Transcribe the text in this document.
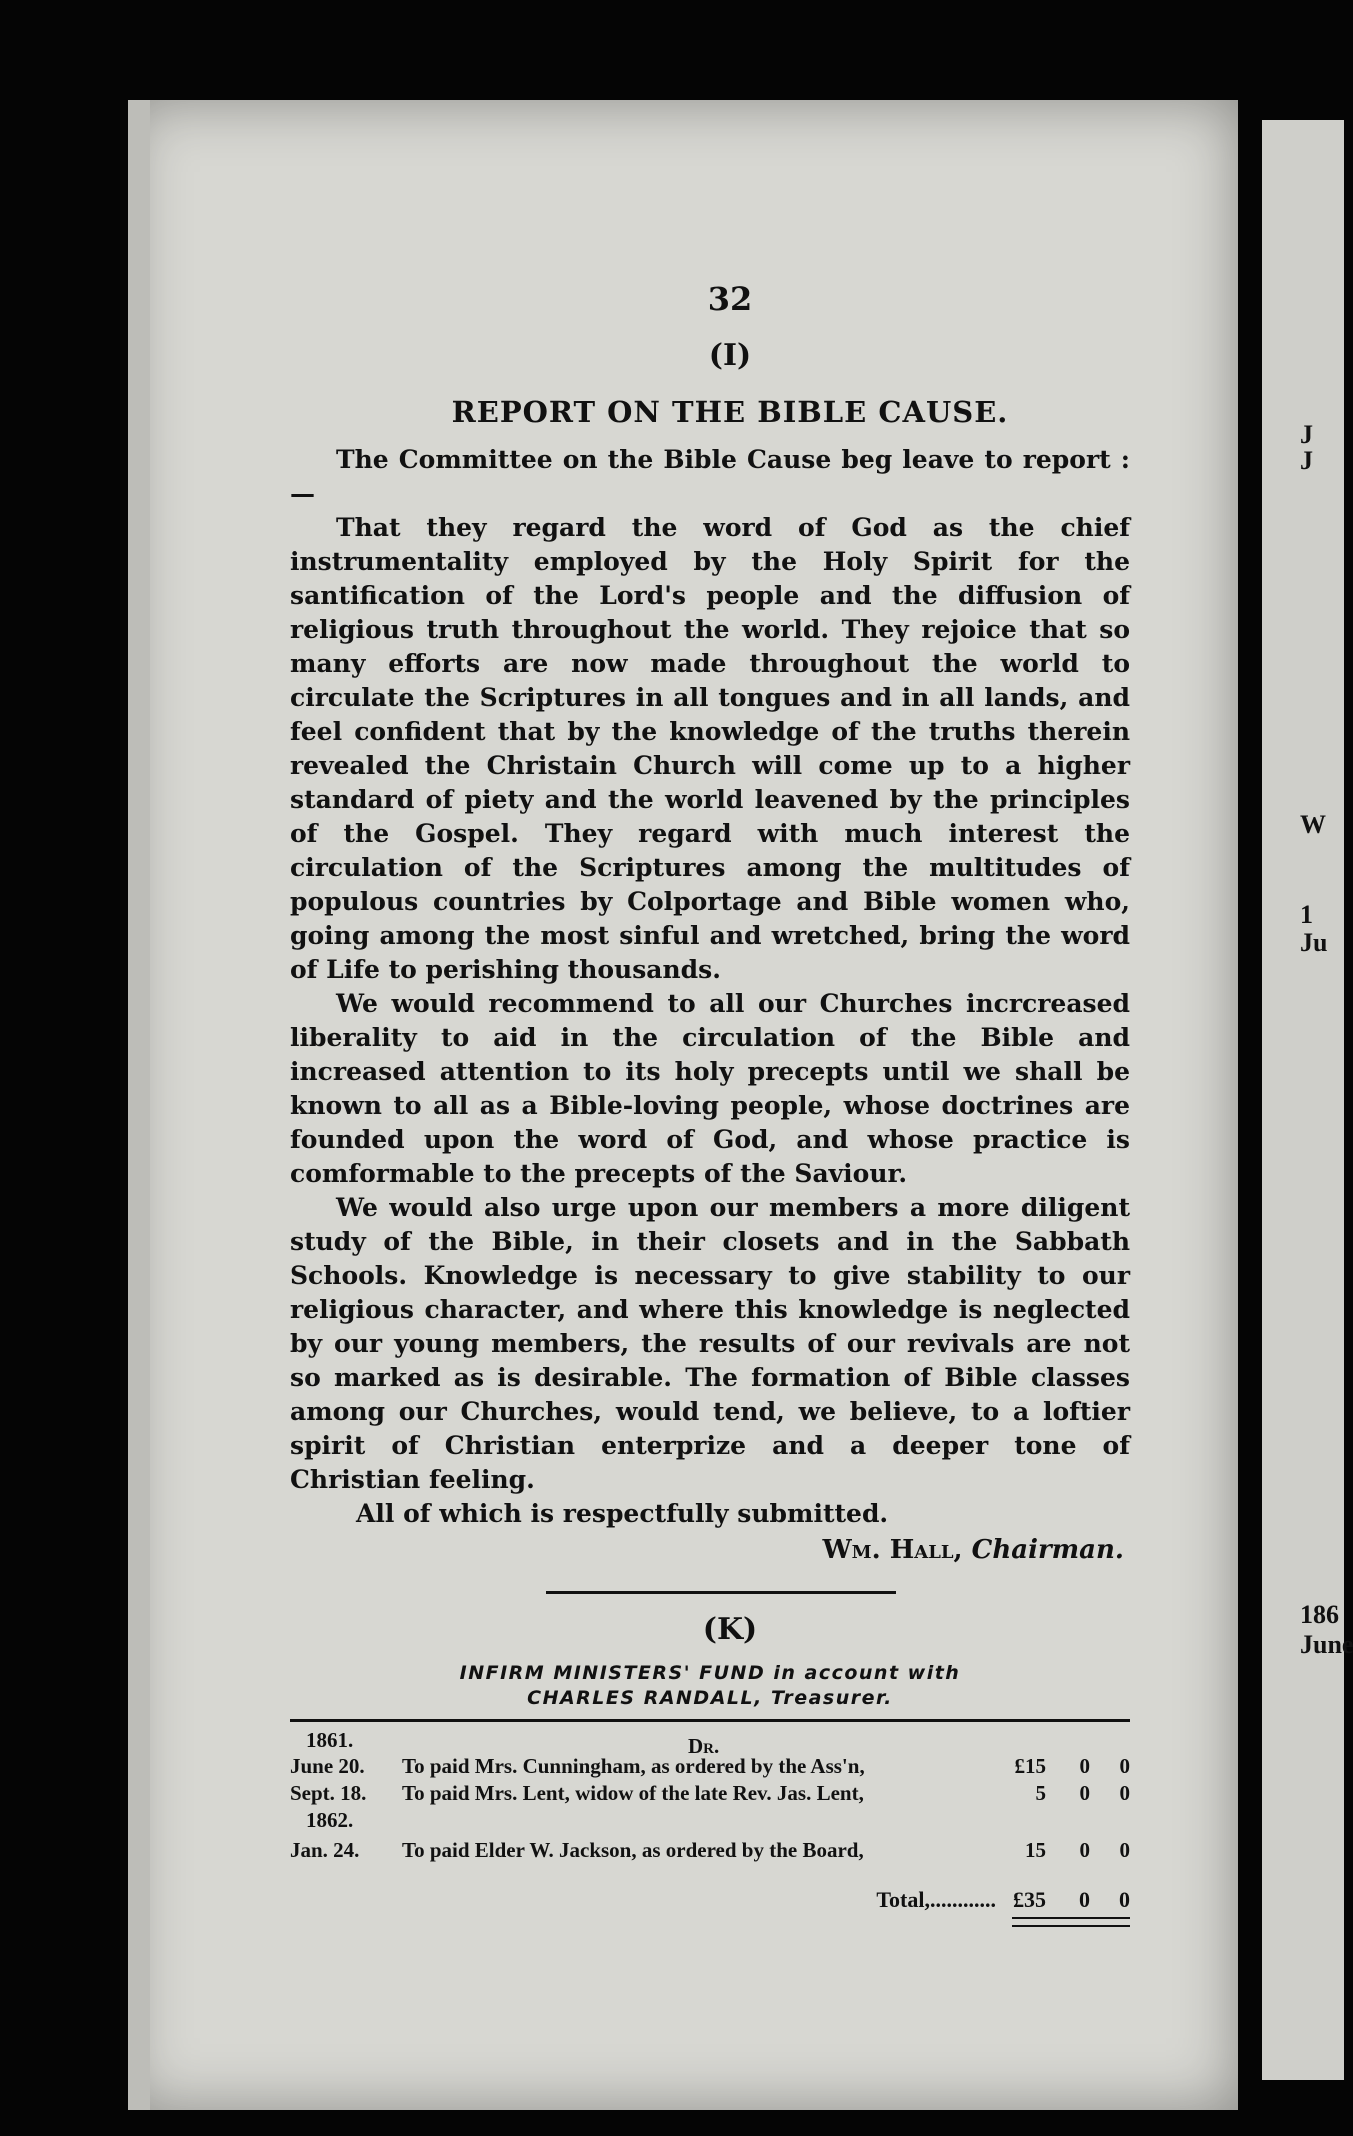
J
J
W
1
Ju
186
June
32
(I)
REPORT ON THE BIBLE CAUSE.

The Committee on the Bible Cause beg leave to report :—

That they regard the word of God as the chief instrumentality employed by the Holy Spirit for the santification of the Lord's people and the diffusion of religious truth throughout the world. They rejoice that so many efforts are now made throughout the world to circulate the Scriptures in all tongues and in all lands, and feel confident that by the knowledge of the truths therein revealed the Christain Church will come up to a higher standard of piety and the world leavened by the principles of the Gospel. They regard with much interest the circulation of the Scriptures among the multitudes of populous countries by Colportage and Bible women who, going among the most sinful and wretched, bring the word of Life to perishing thousands.

We would recommend to all our Churches incrcreased liberality to aid in the circulation of the Bible and increased attention to its holy precepts until we shall be known to all as a Bible-loving people, whose doctrines are founded upon the word of God, and whose practice is comformable to the precepts of the Saviour.

We would also urge upon our members a more diligent study of the Bible, in their closets and in the Sabbath Schools. Knowledge is necessary to give stability to our religious character, and where this knowledge is neglected by our young members, the results of our revivals are not so marked as is desirable. The formation of Bible classes among our Churches, would tend, we believe, to a loftier spirit of Christian enterprize and a deeper tone of Christian feeling.

All of which is respectfully submitted.

Wm. Hall, Chairman.
(K)
INFIRM MINISTERS' FUND in account with
CHARLES RANDALL, Treasurer.
1861.	Dr.
June 20.	To paid Mrs. Cunningham, as ordered by the Ass'n,	£15	0	0
Sept. 18.	To paid Mrs. Lent, widow of the late Rev. Jas. Lent,	5	0	0
1862.
Jan. 24.	To paid Elder W. Jackson, as ordered by the Board,	15	0	0
Total,............ £35	0	0
